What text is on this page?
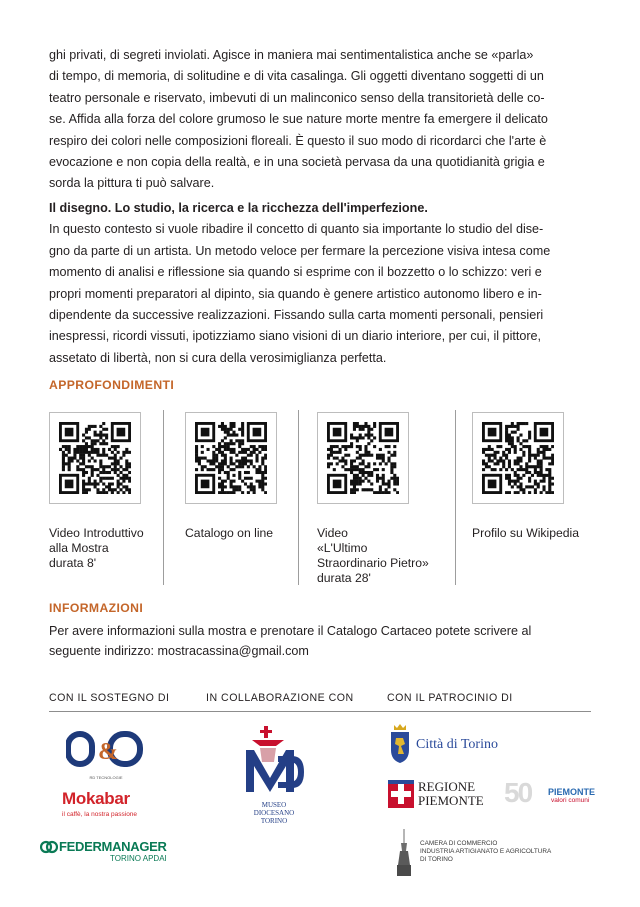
ghi privati, di segreti inviolati. Agisce in maniera mai sentimentalistica anche se «parla»
di tempo, di memoria, di solitudine e di vita casalinga. Gli oggetti diventano soggetti di un
teatro personale e riservato, imbevuti di un malinconico senso della transitorietà delle co-
se. Affida alla forza del colore grumoso le sue nature morte mentre fa emergere il delicato
respiro dei colori nelle composizioni floreali. È questo il suo modo di ricordarci che l'arte è
evocazione e non copia della realtà, e in una società pervasa da una quotidianità grigia e
sorda la pittura ti può salvare.
Il disegno. Lo studio, la ricerca e la ricchezza dell'imperfezione.
In questo contesto si vuole ribadire il concetto di quanto sia importante lo studio del dise-
gno da parte di un artista. Un metodo veloce per fermare la percezione visiva intesa come
momento di analisi e riflessione sia quando si esprime con il bozzetto o lo schizzo: veri e
propri momenti preparatori al dipinto, sia quando è genere artistico autonomo libero e in-
dipendente da successive realizzazioni. Fissando sulla carta momenti personali, pensieri
inespressi, ricordi vissuti, ipotizziamo siano visioni di un diario interiore, per cui, il pittore,
assetato di libertà, non si cura della verosimiglianza perfetta.
APPROFONDIMENTI
Video Introduttivo
alla Mostra
durata 8'
Catalogo on line	Video
«L'Ultimo
Straordinario Pietro»
durata 28'
Profilo su Wikipedia
INFORMAZIONI
Per avere informazioni sulla mostra e prenotare il Catalogo Cartaceo potete scrivere al
seguente indirizzo: mostracassina@gmail.com
CON IL SOSTEGNO DI	IN COLLABORAZIONE CON	CON IL PATROCINIO DI
&
RD TECNOLOGIE
Mokabar
il caffè, la nostra passione
FEDERMANAGER
TORINO APDAI
MUSEO
DIOCESANO
TORINO
Città di Torino
REGIONE
PIEMONTE 50 PIEMONTE
valori comuni
CAMERA DI COMMERCIO
INDUSTRIA ARTIGIANATO E AGRICOLTURA
DI TORINO
